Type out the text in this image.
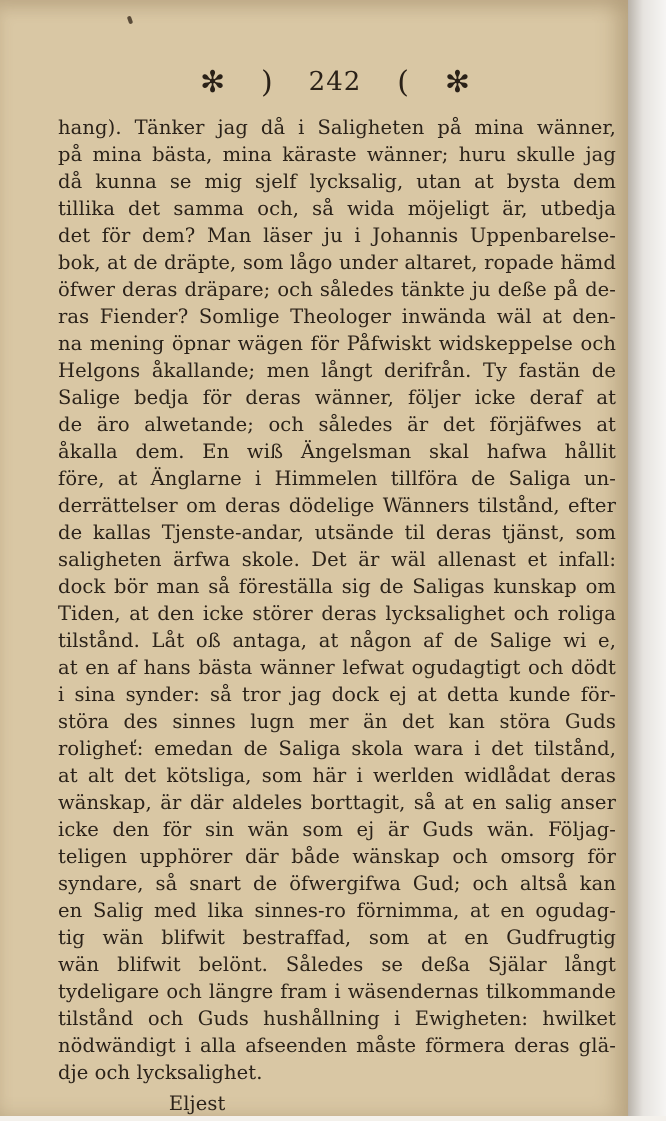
✻ ) 242 ( ✻
hang). Tänker jag då i Saligheten på mina wänner,
på mina bästa, mina käraste wänner; huru skulle jag
då kunna se mig sjelf lycksalig, utan at bysta dem
tillika det samma och, så wida möjeligt är, utbedja
det för dem? Man läser ju i Johannis Uppenbarelse-
bok, at de dräpte, som lågo under altaret, ropade hämd
öfwer deras dräpare; och således tänkte ju deße på de-
ras Fiender? Somlige Theologer inwända wäl at den-
na mening öpnar wägen för Påfwiskt widskeppelse och
Helgons åkallande; men långt derifrån. Ty fastän de
Salige bedja för deras wänner, följer icke deraf at
de äro alwetande; och således är det förjäfwes at
åkalla dem. En wiß Ängelsman skal hafwa hållit
före, at Änglarne i Himmelen tillföra de Saliga un-
derrättelser om deras dödelige Wänners tilstånd, efter
de kallas Tjenste-andar, utsände til deras tjänst, som
saligheten ärfwa skole. Det är wäl allenast et infall:
dock bör man så föreställa sig de Saligas kunskap om
Tiden, at den icke störer deras lycksalighet och roliga
tilstånd. Låt oß antaga, at någon af de Salige wi e,
at en af hans bästa wänner lefwat ogudagtigt och dödt
i sina synder: så tror jag dock ej at detta kunde för-
störa des sinnes lugn mer än det kan störa Guds
roligheť: emedan de Saliga skola wara i det tilstånd,
at alt det kötsliga, som här i werlden widlådat deras
wänskap, är där aldeles borttagit, så at en salig anser
icke den för sin wän som ej är Guds wän. Följag-
teligen upphörer där både wänskap och omsorg för
syndare, så snart de öfwergifwa Gud; och altså kan
en Salig med lika sinnes-ro förnimma, at en ogudag-
tig wän blifwit bestraffad, som at en Gudfrugtig
wän blifwit belönt. Således se deßa Själar långt
tydeligare och längre fram i wäsendernas tilkommande
tilstånd och Guds hushållning i Ewigheten: hwilket
nödwändigt i alla afseenden måste förmera deras glä-
dje och lycksalighet. Eljest
